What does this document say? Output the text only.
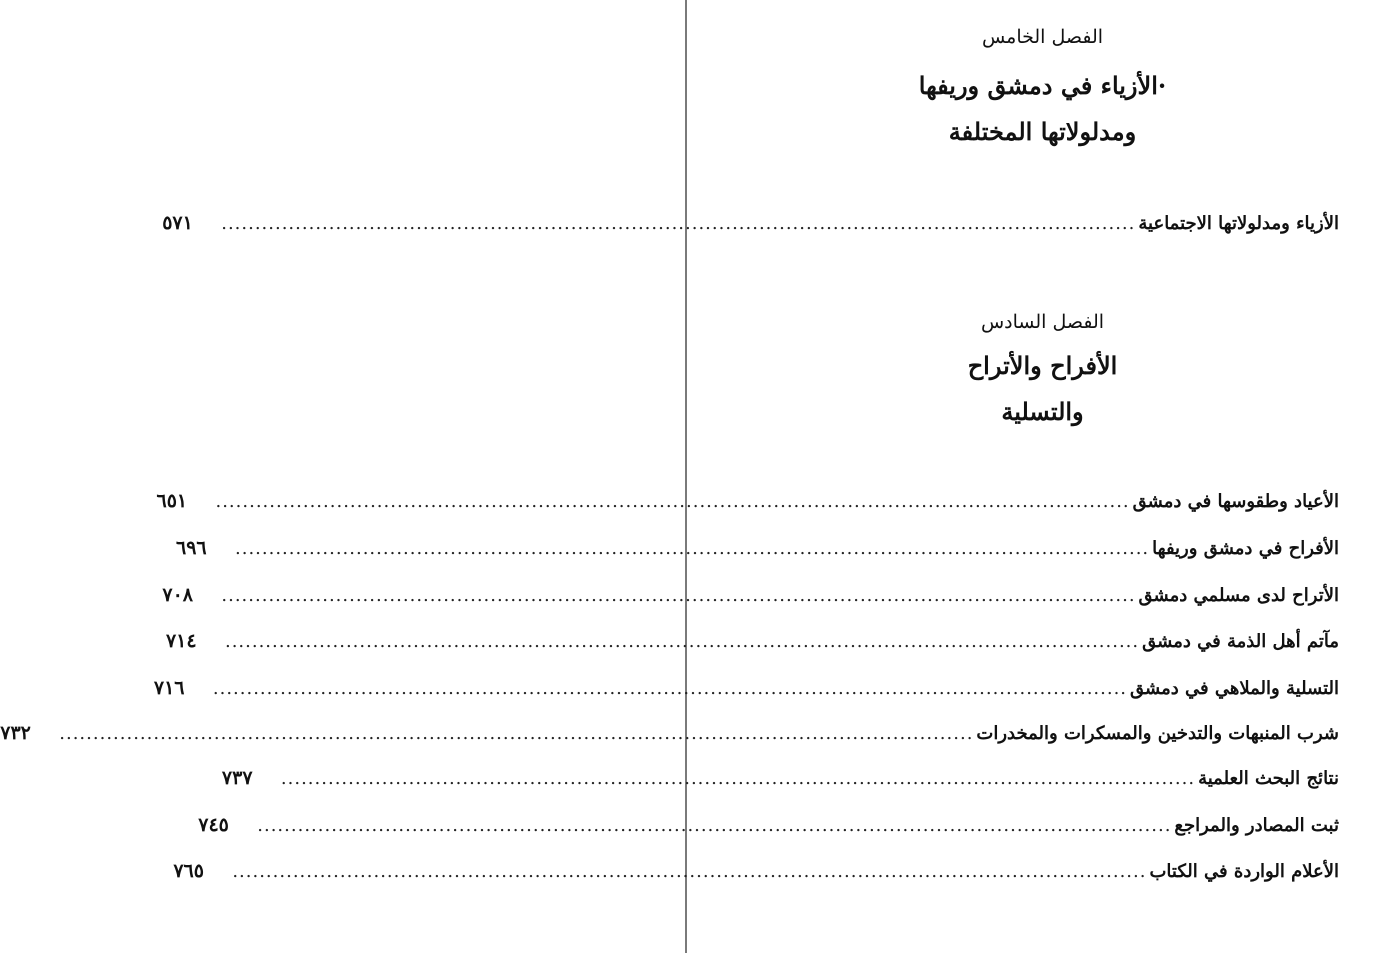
الفصل الخامس
·الأزياء في دمشق وريفها
ومدلولاتها المختلفة
الأزياء ومدلولاتها الاجتماعية
........................................................................................................................................
٥٧١
الفصل السادس
الأفراح والأتراح
والتسلية
الأعياد وطقوسها في دمشق
........................................................................................................................................
٦٥١
الأفراح في دمشق وريفها
........................................................................................................................................
٦٩٦
الأتراح لدى مسلمي دمشق
........................................................................................................................................
٧٠٨
مآتم أهل الذمة في دمشق
........................................................................................................................................
٧١٤
التسلية والملاهي في دمشق
........................................................................................................................................
٧١٦
شرب المنبهات والتدخين والمسكرات والمخدرات
........................................................................................................................................
٧٣٢
نتائج البحث العلمية
........................................................................................................................................
٧٣٧
ثبت المصادر والمراجع
........................................................................................................................................
٧٤٥
الأعلام الواردة في الكتاب
........................................................................................................................................
٧٦٥
